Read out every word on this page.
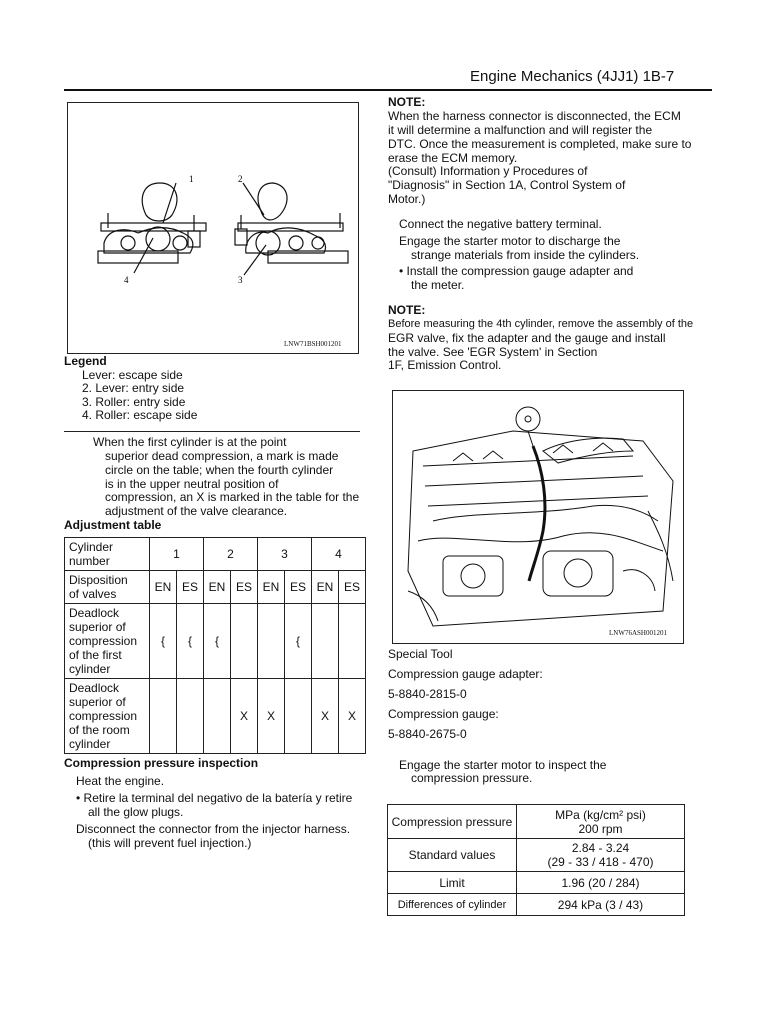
Engine Mechanics (4JJ1) 1B-7
1	2
3
4
LNW71BSH001201
Legend
Lever: escape side
2. Lever: entry side
3. Roller: entry side
4. Roller: escape side
When the first cylinder is at the point
superior dead compression, a mark is made
circle on the table; when the fourth cylinder
is in the upper neutral position of
compression, an X is marked in the table for the
adjustment of the valve clearance.
Adjustment table
Cylinder number	1		2		3		4	

Disposition
of valves	EN	ES	EN	ES	EN	ES	EN	ES

Deadlock
superior of
compression
of the first
cylinder	{	{	{			{		

Deadlock
superior of
compression
of the room
cylinder				X	X		X	X
Compression pressure inspection
Heat the engine.
• Retire la terminal del negativo de la batería y retire
all the glow plugs.
Disconnect the connector from the injector harness.
(this will prevent fuel injection.)
NOTE:
When the harness connector is disconnected, the ECM
it will determine a malfunction and will register the
DTC. Once the measurement is completed, make sure to
erase the ECM memory.
(Consult) Information y Procedures of
"Diagnosis" in Section 1A, Control System of
Motor.)
Connect the negative battery terminal.
Engage the starter motor to discharge the
strange materials from inside the cylinders.
• Install the compression gauge adapter and
the meter.
NOTE:
Before measuring the 4th cylinder, remove the assembly of the
EGR valve, fix the adapter and the gauge and install
the valve. See 'EGR System' in Section
1F, Emission Control.
LNW76ASH001201
Special Tool
Compression gauge adapter:
5-8840-2815-0
Compression gauge:
5-8840-2675-0
Engage the starter motor to inspect the
compression pressure.
Compression pressure	MPa (kg/cm² psi)
200 rpm

Standard values	2.84 - 3.24
(29 - 33 / 418 - 470)

Limit	1.96 (20 / 284)
Differences of cylinder	294 kPa (3 / 43)
